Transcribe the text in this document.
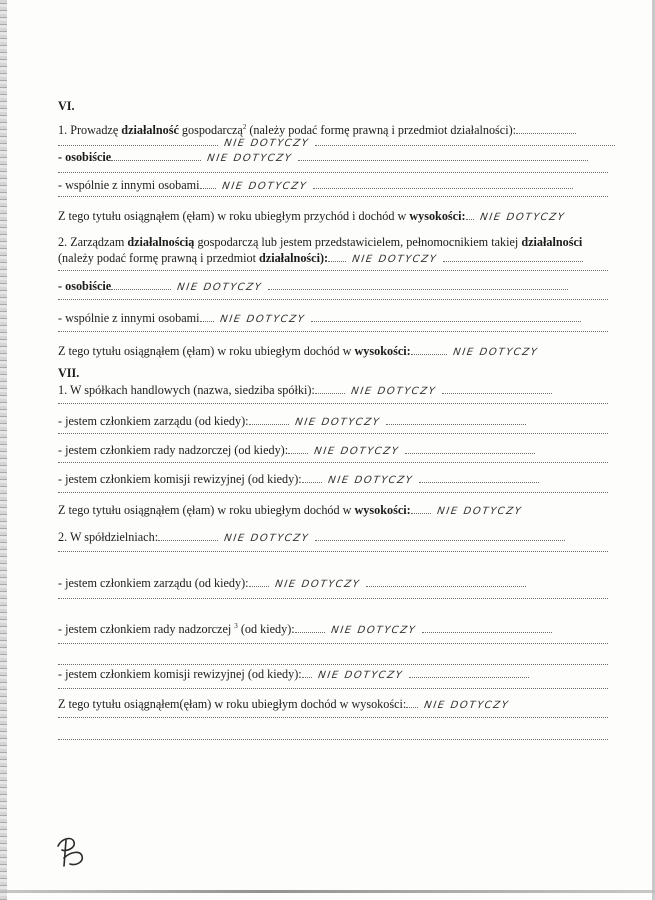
VI.
1. Prowadzę działalność gospodarczą$^2$ (należy podać formę prawną i przedmiot działalności):
NIE DOTYCZY
- osobiście	NIE DOTYCZY
- wspólnie z innymi osobami NIE DOTYCZY
Z tego tytułu osiągnąłem (ęłam) w roku ubiegłym przychód i dochód w wysokości: NIE DOTYCZY
2. Zarządzam działalnością gospodarczą lub jestem przedstawicielem, pełnomocnikiem takiej działalności
(należy podać formę prawną i przedmiot działalności): NIE DOTYCZY
- osobiście	NIE DOTYCZY
- wspólnie z innymi osobami NIE DOTYCZY
Z tego tytułu osiągnąłem (ęłam) w roku ubiegłym dochód w wysokości:	NIE DOTYCZY
VII.
1. W spółkach handlowych (nazwa, siedziba spółki):	NIE DOTYCZY
- jestem członkiem zarządu (od kiedy):	NIE DOTYCZY
- jestem członkiem rady nadzorczej (od kiedy):	NIE DOTYCZY
- jestem członkiem komisji rewizyjnej (od kiedy):	NIE DOTYCZY
Z tego tytułu osiągnąłem (ęłam) w roku ubiegłym dochód w wysokości:	NIE DOTYCZY
2. W spółdzielniach:	NIE DOTYCZY
- jestem członkiem zarządu (od kiedy):	NIE DOTYCZY
- jestem członkiem rady nadzorczej $^3$ (od kiedy):	NIE DOTYCZY
- jestem członkiem komisji rewizyjnej (od kiedy): NIE DOTYCZY
Z tego tytułu osiągnąłem(ęłam) w roku ubiegłym dochód w wysokości: NIE DOTYCZY
